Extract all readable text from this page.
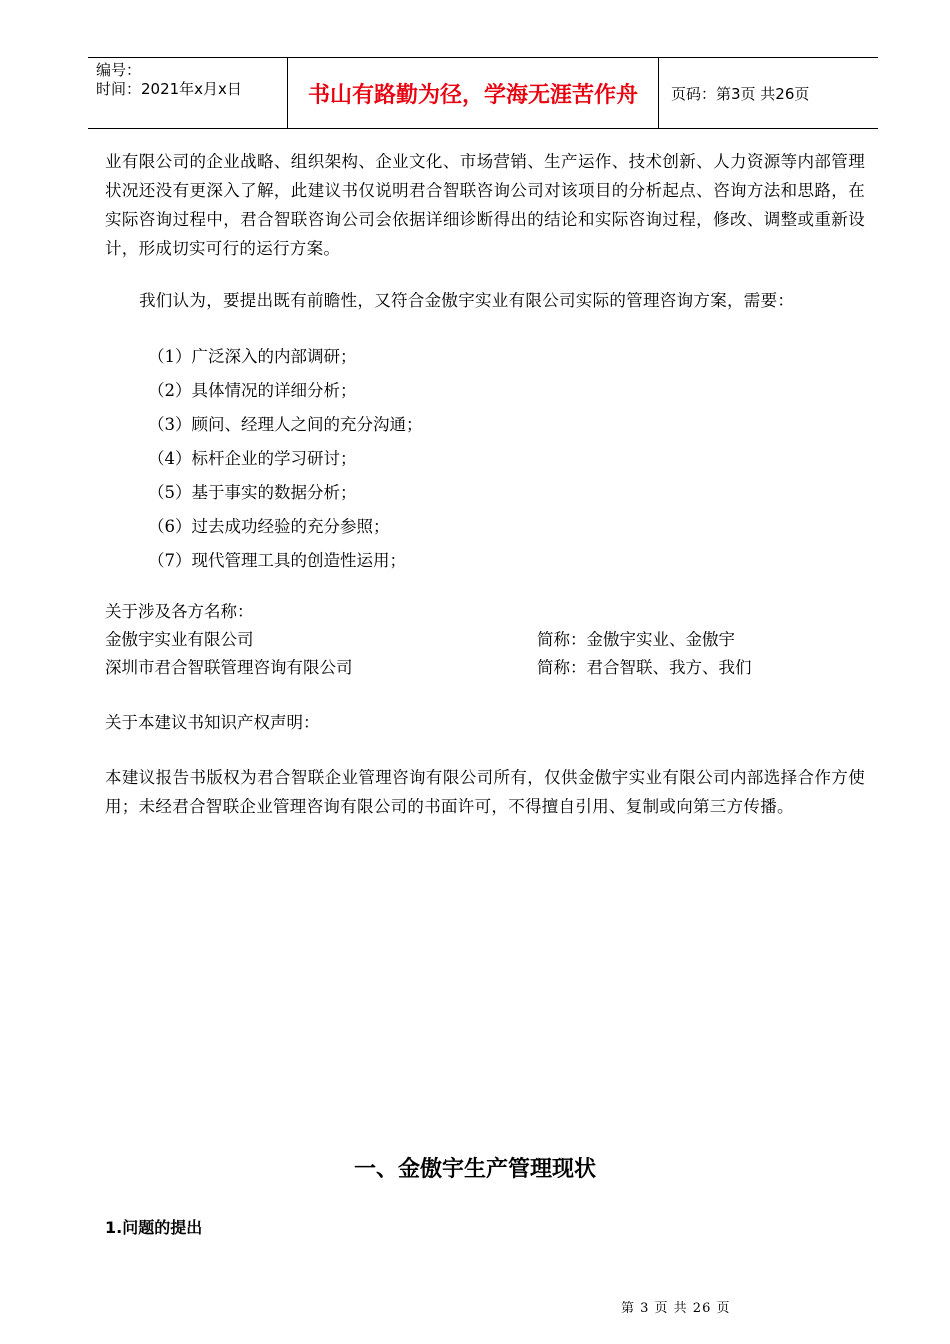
编号：
时间：2021年x月x日	书山有路勤为径，学海无涯苦作舟	页码：第3页 共26页

业有限公司的企业战略、组织架构、企业文化、市场营销、生产运作、技术创新、人力资源等内部管理状况还没有更深入了解，此建议书仅说明君合智联咨询公司对该项目的分析起点、咨询方法和思路，在实际咨询过程中，君合智联咨询公司会依据详细诊断得出的结论和实际咨询过程，修改、调整或重新设计，形成切实可行的运行方案。

我们认为，要提出既有前瞻性，又符合金傲宇实业有限公司实际的管理咨询方案，需要：

（1）广泛深入的内部调研；
（2）具体情况的详细分析；
（3）顾问、经理人之间的充分沟通；
（4）标杆企业的学习研讨；
（5）基于事实的数据分析；
（6）过去成功经验的充分参照；
（7）现代管理工具的创造性运用；
关于涉及各方名称：
金傲宇实业有限公司	简称：金傲宇实业、金傲宇
深圳市君合智联管理咨询有限公司	简称：君合智联、我方、我们
关于本建议书知识产权声明：

本建议报告书版权为君合智联企业管理咨询有限公司所有，仅供金傲宇实业有限公司内部选择合作方使用；未经君合智联企业管理咨询有限公司的书面许可，不得擅自引用、复制或向第三方传播。

一、金傲宇生产管理现状
1.问题的提出
第 3 页 共 26 页
